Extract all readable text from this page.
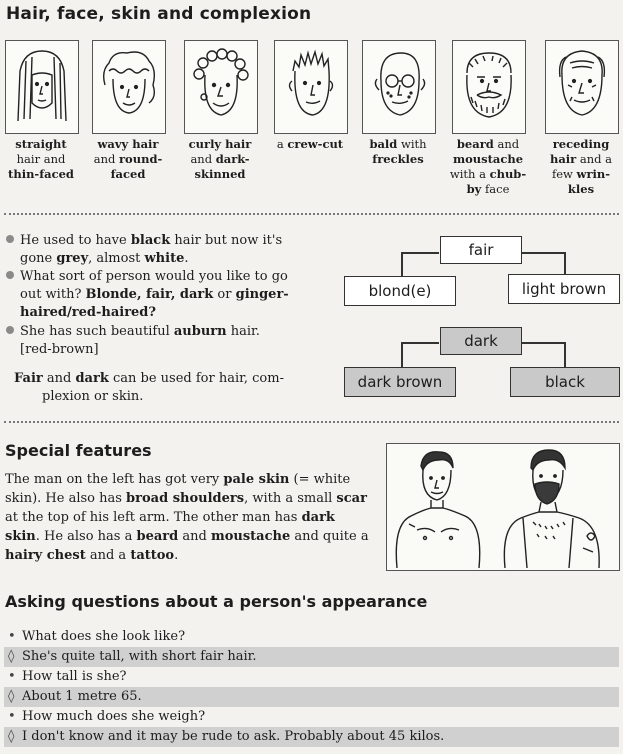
Hair, face, skin and complexion
straight
hair and
thin-faced
wavy hair
and round-
faced
curly hair
and dark-
skinned
a crew-cut	bald with
freckles
beard and
moustache
with a chub-
by face
receding
hair and a
few wrin-
kles
He used to have black hair but now it's
gone grey, almost white.
What sort of person would you like to go
out with? Blonde, fair, dark or ginger-
haired/red-haired?
She has such beautiful auburn hair.
[red-brown]
Fair and dark can be used for hair, com-
plexion or skin.
fair
blond(e)	light brown
dark
dark brown	black
Special features
The man on the left has got very pale skin (= white skin). He also has broad shoulders, with a small scar at the top of his left arm. The other man has dark skin. He also has a beard and moustache and quite a hairy chest and a tattoo.
Asking questions about a person's appearance
• What does she look like?
◊ She's quite tall, with short fair hair.
• How tall is she?
◊ About 1 metre 65.
• How much does she weigh?
◊ I don't know and it may be rude to ask. Probably about 45 kilos.
